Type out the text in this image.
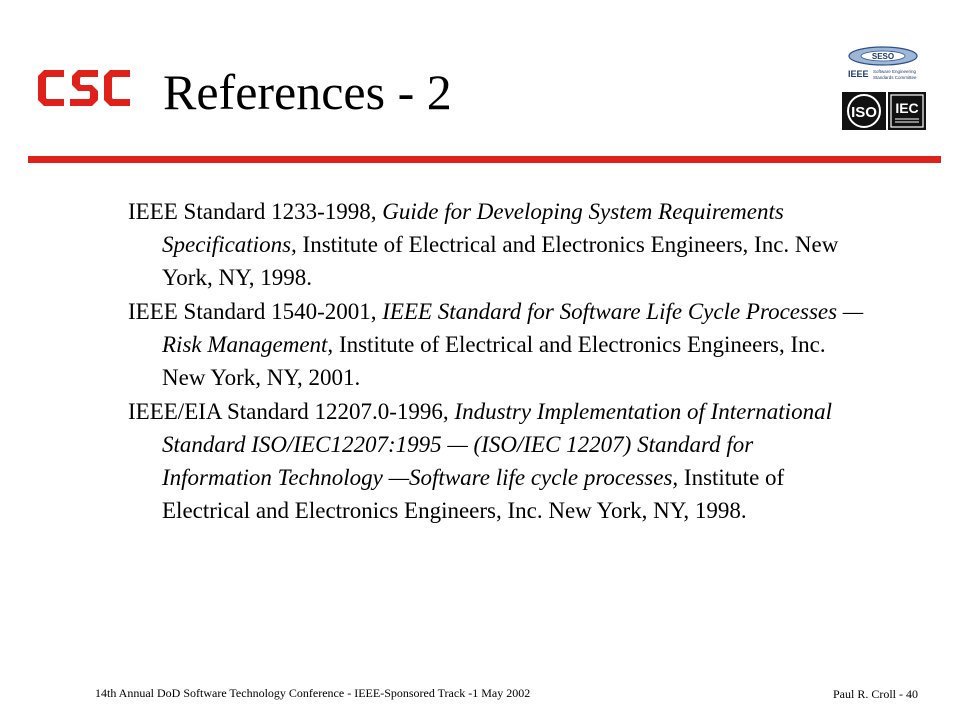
References - 2
SESO
IEEE Software Engineering
Standards Committee
ISO IEC

IEEE Standard 1233-1998, Guide for Developing System Requirements Specifications, Institute of Electrical and Electronics Engineers, Inc. New York, NY, 1998.

IEEE Standard 1540-2001, IEEE Standard for Software Life Cycle Processes — Risk Management, Institute of Electrical and Electronics Engineers, Inc. New York, NY, 2001.

IEEE/EIA Standard 12207.0-1996, Industry Implementation of International Standard ISO/IEC12207:1995 — (ISO/IEC 12207) Standard for Information Technology —Software life cycle processes, Institute of Electrical and Electronics Engineers, Inc. New York, NY, 1998.

14th Annual DoD Software Technology Conference - IEEE-Sponsored Track -1 May 2002	Paul R. Croll - 40
